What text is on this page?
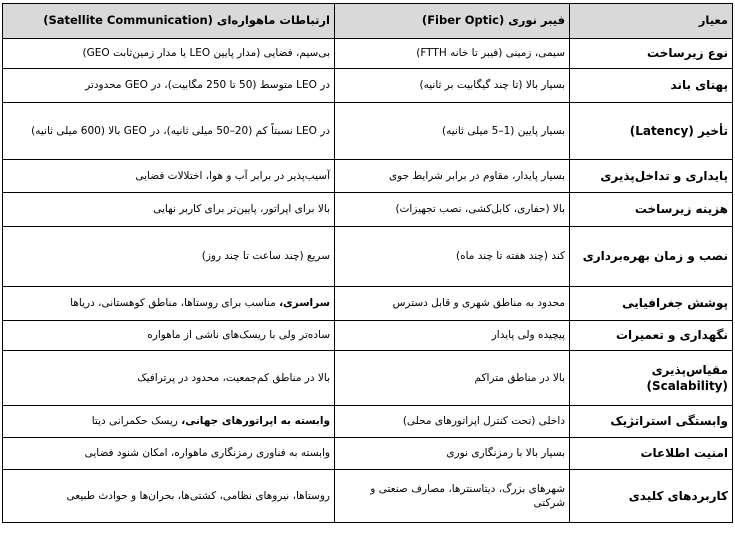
معیار	فیبر نوری (Fiber Optic)	ارتباطات ماهواره‌ای (Satellite Communication)
نوع زیرساخت	سیمی، زمینی (فیبر تا خانه FTTH)	بی‌سیم، فضایی (مدار پایین LEO یا مدار زمین‌ثابت GEO)
پهنای باند	بسیار بالا (تا چند گیگابیت بر ثانیه)	در LEO متوسط (50 تا 250 مگابیت)، در GEO محدودتر
تأخیر (Latency)	بسیار پایین (1–5 میلی ثانیه)	در LEO نسبتاً کم (20–50 میلی ثانیه)، در GEO بالا (600 میلی ثانیه)
پایداری و تداخل‌پذیری	بسیار پایدار، مقاوم در برابر شرایط جوی	آسیب‌پذیر در برابر آب و هوا، اختلالات فضایی
هزینه زیرساخت	بالا (حفاری، کابل‌کشی، نصب تجهیزات)	بالا برای اپراتور، پایین‌تر برای کاربر نهایی
نصب و زمان بهره‌برداری	کند (چند هفته تا چند ماه)	سریع (چند ساعت تا چند روز)
پوشش جغرافیایی	محدود به مناطق شهری و قابل دسترس	سراسری، مناسب برای روستاها، مناطق کوهستانی، دریاها
نگهداری و تعمیرات	پیچیده ولی پایدار	ساده‌تر ولی با ریسک‌های ناشی از ماهواره
مقیاس‌پذیری (Scalability)	بالا در مناطق متراکم	بالا در مناطق کم‌جمعیت، محدود در پرترافیک
وابستگی استراتژیک	داخلی (تحت کنترل اپراتورهای محلی)	وابسته به اپراتورهای جهانی، ریسک حکمرانی دیتا
امنیت اطلاعات	بسیار بالا با رمزنگاری نوری	وابسته به فناوری رمزنگاری ماهواره، امکان شنود فضایی
کاربردهای کلیدی	شهرهای بزرگ، دیتاسنترها، مصارف صنعتی و شرکتی	روستاها، نیروهای نظامی، کشتی‌ها، بحران‌ها و حوادث طبیعی
